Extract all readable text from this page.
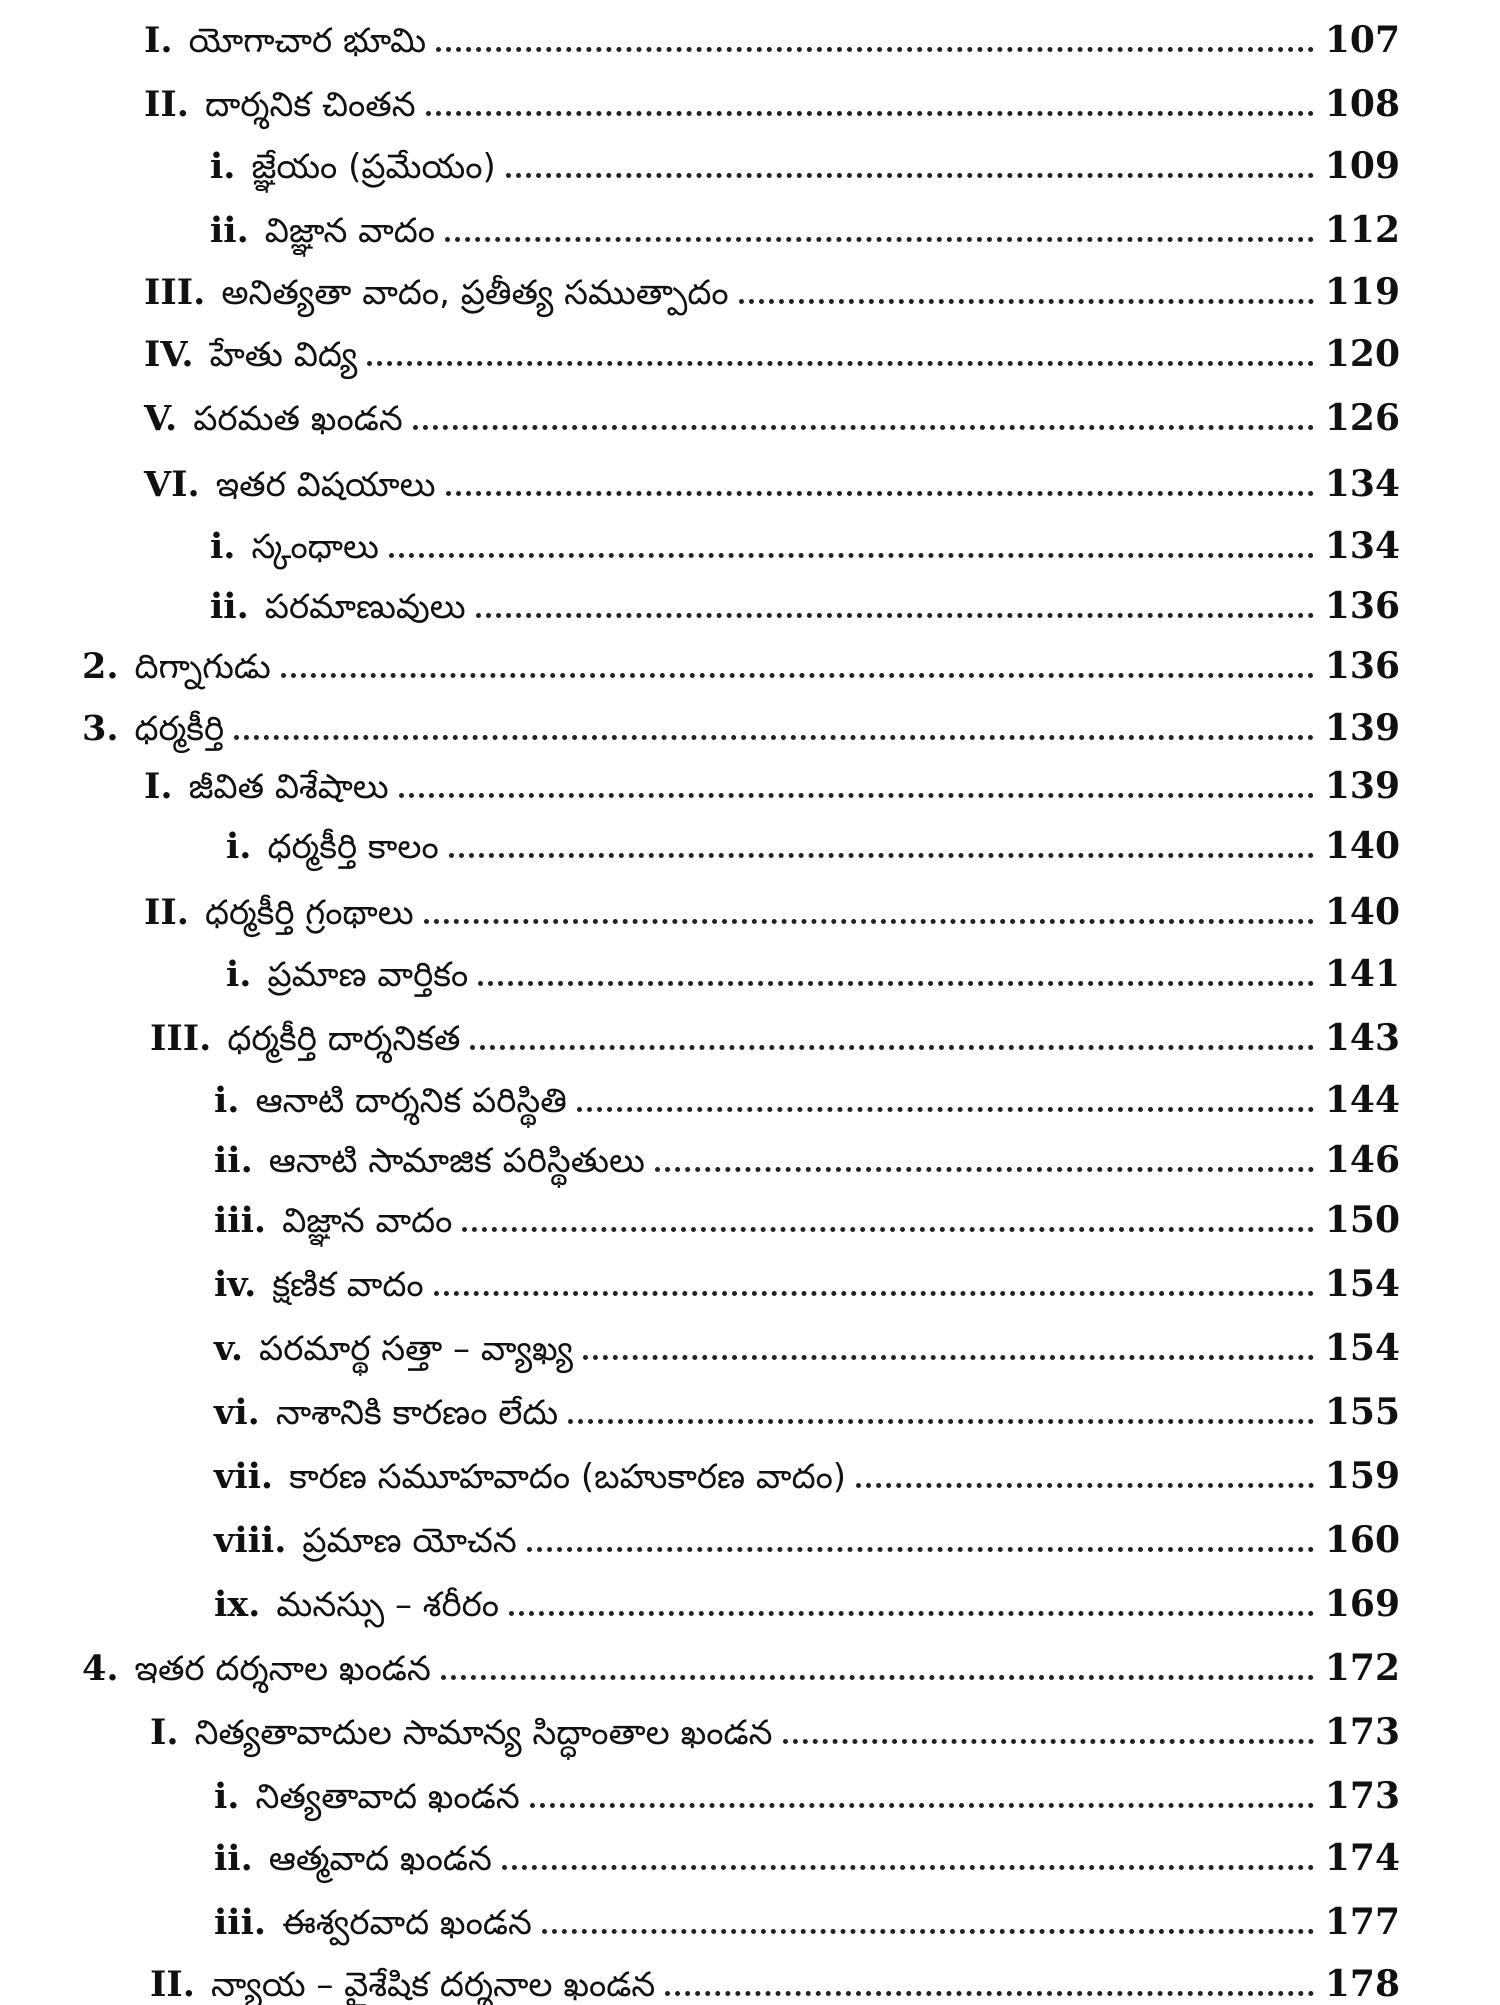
I. యోగాచార భూమి	107
II. దార్శనిక చింతన	108
i. జ్ఞేయం (ప్రమేయం)	109
ii. విజ్ఞాన వాదం	112
III. అనిత్యతా వాదం, ప్రతీత్య సముత్పాదం	119
IV. హేతు విద్య	120
V. పరమత ఖండన	126
VI. ఇతర విషయాలు	134
i. స్కంధాలు	134
ii. పరమాణువులు	136
2. దిగ్నాగుడు	136
3. ధర్మకీర్తి	139
I. జీవిత విశేషాలు	139
i. ధర్మకీర్తి కాలం	140
II. ధర్మకీర్తి గ్రంథాలు	140
i. ప్రమాణ వార్తికం	141
III. ధర్మకీర్తి దార్శనికత	143
i. ఆనాటి దార్శనిక పరిస్థితి	144
ii. ఆనాటి సామాజిక పరిస్థితులు	146
iii. విజ్ఞాన వాదం	150
iv. క్షణిక వాదం	154
v. పరమార్థ సత్తా – వ్యాఖ్య	154
vi. నాశానికి కారణం లేదు	155
vii. కారణ సమూహవాదం (బహుకారణ వాదం)	159
viii. ప్రమాణ యోచన	160
ix. మనస్సు – శరీరం	169
4. ఇతర దర్శనాల ఖండన	172
I. నిత్యతావాదుల సామాన్య సిద్ధాంతాల ఖండన	173
i. నిత్యతావాద ఖండన	173
ii. ఆత్మవాద ఖండన	174
iii. ఈశ్వరవాద ఖండన	177
II. న్యాయ – వైశేషిక దర్శనాల ఖండన	178
